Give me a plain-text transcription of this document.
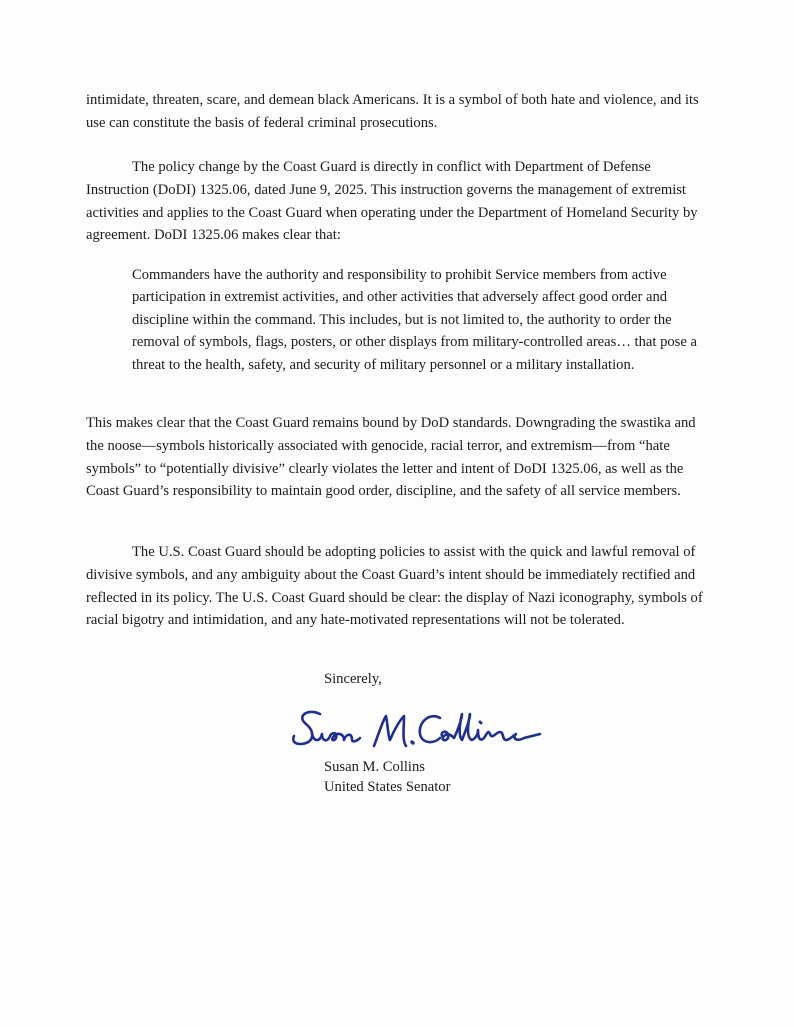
intimidate, threaten, scare, and demean black Americans. It is a symbol of both hate and violence, and its use can constitute the basis of federal criminal prosecutions.

The policy change by the Coast Guard is directly in conflict with Department of Defense Instruction (DoDI) 1325.06, dated June 9, 2025. This instruction governs the management of extremist activities and applies to the Coast Guard when operating under the Department of Homeland Security by agreement. DoDI 1325.06 makes clear that:

Commanders have the authority and responsibility to prohibit Service members from active participation in extremist activities, and other activities that adversely affect good order and discipline within the command. This includes, but is not limited to, the authority to order the removal of symbols, flags, posters, or other displays from military-controlled areas… that pose a threat to the health, safety, and security of military personnel or a military installation.

This makes clear that the Coast Guard remains bound by DoD standards. Downgrading the swastika and the noose—symbols historically associated with genocide, racial terror, and extremism—from “hate symbols” to “potentially divisive” clearly violates the letter and intent of DoDI 1325.06, as well as the Coast Guard’s responsibility to maintain good order, discipline, and the safety of all service members.

The U.S. Coast Guard should be adopting policies to assist with the quick and lawful removal of divisive symbols, and any ambiguity about the Coast Guard’s intent should be immediately rectified and reflected in its policy. The U.S. Coast Guard should be clear: the display of Nazi iconography, symbols of racial bigotry and intimidation, and any hate-motivated representations will not be tolerated.

Sincerely,

Susan M. Collins

United States Senator
